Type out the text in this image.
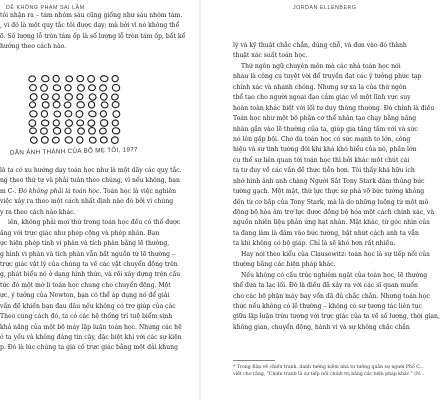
DỄ KHÔNG PHẠM SAI LẦM
tôi nhận ra – tám nhóm sáu cũng giống như sáu nhóm tám.
, vì đó là một quy tắc tôi được dạy; mà bởi vì nó không thể
õ. Số lượng lỗ tròn tám ốp là số lượng lỗ tròn tám ốp, bất kể
hướng theo cách nào.
DÃN ẢNH THÀNH CỦA BỐ MẸ TÔI, 1977
là ta có xu hướng dạy toán học như là một dãy các quy tắc.
ng theo thứ tự và phải tuân theo chúng, vì nếu không, bạn
m C-. Đó không phải là toán học. Toán học là việc nghiên
việc xảy ra theo một cách nhất định nào đó bởi vì chúng
y ra theo cách nào khác.
iên, không phải mọi thứ trong toán học đều có thể được
ăng với trực giác như phép cộng và phép nhân. Bạn
ực hiện phép tính vi phân và tích phân bằng lẽ thường,
g hình vi phân và tích phân vẫn bắt nguồn từ lẽ thường –
trực giác vật lý của chúng ta về các vật chuyển động trên
g, phát biểu nó ở dạng hình thức, và rồi xây dựng trên cấu
tức đó một mớ lí toán học chung cho chuyển động. Một
ực, ý tưởng của Newton, bạn có thể áp dụng nó để giải
vấn đề khiến bạn đau đầu nếu không có trợ giúp của các
Theo cùng cách đó, ta có các hệ thống trí tuệ biểm sinh
khả năng của một bộ máy lập luận toán học. Nhưng các hệ
ó ta yếu và không đáng tin cậy, đặc biệt khi với các sự kiện
p. Đó là lúc chúng ta gia cố trực giác bằng một dải khung
JORDAN ELLENBERG
lý và kỹ thuật chắc chắn, đúng chỗ, và đưa vào đó thành
thuật xác suất toán học.
Thứ ngôn ngữ chuyên môn mà các nhà toán học nói
nhau là công cụ tuyệt vời để truyền đạt các ý tưởng phức tạp
chính xác và nhanh chóng. Nhưng sự xa lạ của thứ ngôn
thể tạo cho người ngoại đạo cảm giác về một lĩnh vực suy
hoàn toàn khác biệt với lối tư duy thông thường. Đó chính là điều
Toán học như một bộ phận cơ thể nhân tạo chạy bằng năng
nhân gắn vào lẽ thường của ta, giúp gia tăng tầm với và sức
nó lên gấp bội. Cho dù toán học có sức mạnh to lớn, công
hiệu và sự tinh tường đôi khi khá khó hiểu của nó, phần lớn
cụ thể sự liên quan tới toán học thì bởi khác một chút cái
ta tư duy về các vấn đề thực tiễn hơn. Tôi thấy khá hữu ích
nhớ hình ảnh anh chàng Người Sắt Tony Stark đâm thủng bức
tường gạch. Một mặt, thứ lực thực sự phá vỡ bức tường không
đến từ cơ bắp của Tony Stark, mà là do những luồng từ một mô
động bộ hòa âm trợ lực được đồng bộ hóa một cách chính xác, và
nguồn nhiên liệu phản ứng hạt nhân. Mặt khác, từ góc nhìn của
ta đang làm là đâm vào bức tường, bật nhứt cách anh ta vẫn
ta khi không có bộ giáp. Chỉ là sẽ khó hơn rất nhiều.
Hay nói theo kiểu của Clausewitz: toán học là sự tiếp nối của
thường bằng các biện pháp khác.
Nếu không có cấu trúc nghiêm ngặt của toán học, lẽ thường
thể đưa ta lạc lối. Đó là điều đã xảy ra với các sĩ quan muốn
cho các bộ phận máy bay vốn đã đủ chắc chắn. Nhưng toán học
thức nếu không có lẽ thường – không có sự tương tác liên tục
giữa lập luận trừu tượng với trực giác của ta về số lượng, thời gian,
không gian, chuyển động, hành vi và sự không chắc chắn
* Trong Bàn về chiến tranh, danh tướng kiêm nhà tư tưởng quân sự người Phổ C...
viết cho rằng, "Chiến tranh là sự tiếp nối chính trị bằng các biện pháp khác." (N...
